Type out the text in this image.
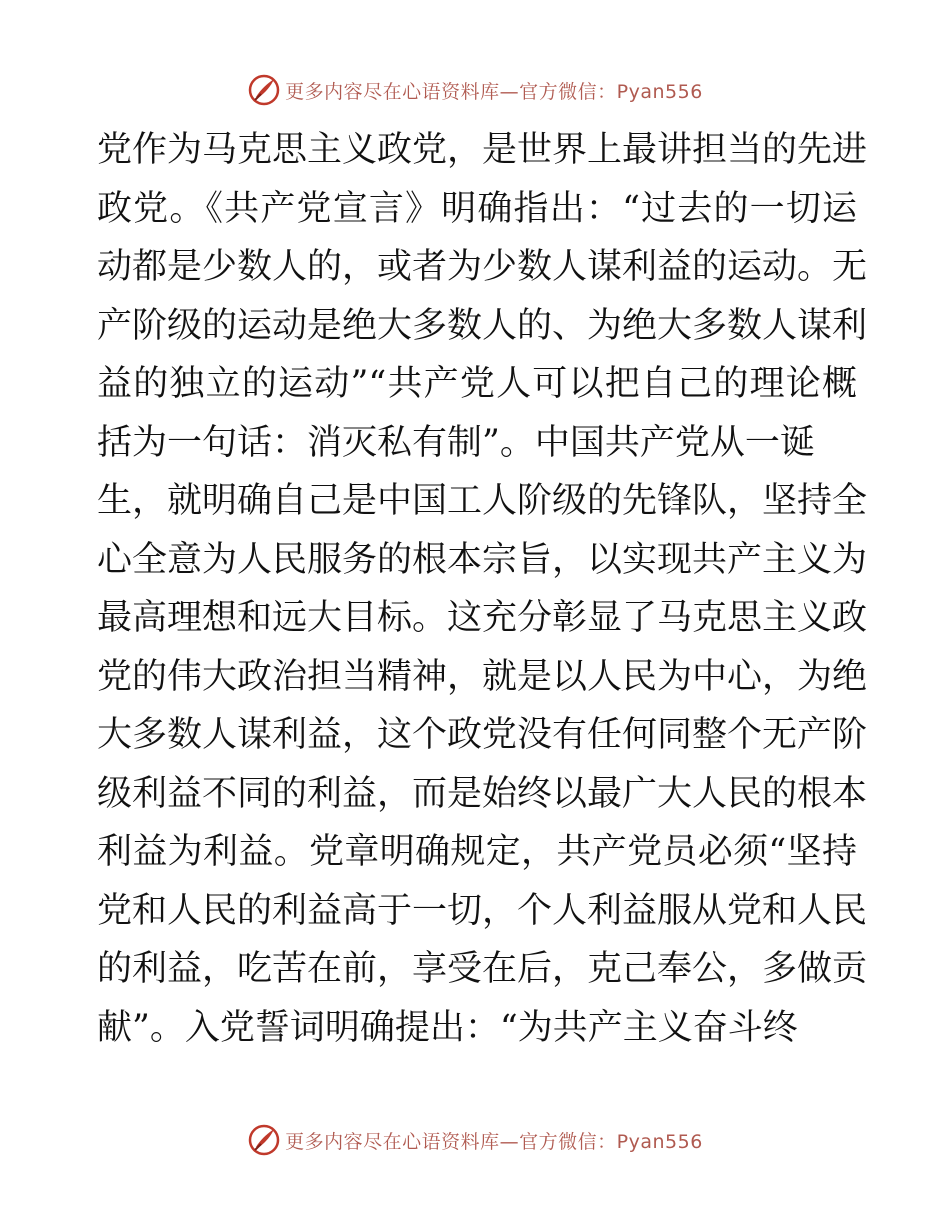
更多内容尽在心语资料库—官方微信：Pyan556
党作为马克思主义政党，是世界上最讲担当的先进
政党。《共产党宣言》明确指出：“过去的一切运
动都是少数人的，或者为少数人谋利益的运动。无
产阶级的运动是绝大多数人的、为绝大多数人谋利
益的独立的运动”“共产党人可以把自己的理论概
括为一句话：消灭私有制”。中国共产党从一诞
生，就明确自己是中国工人阶级的先锋队，坚持全
心全意为人民服务的根本宗旨，以实现共产主义为
最高理想和远大目标。这充分彰显了马克思主义政
党的伟大政治担当精神，就是以人民为中心，为绝
大多数人谋利益，这个政党没有任何同整个无产阶
级利益不同的利益，而是始终以最广大人民的根本
利益为利益。党章明确规定，共产党员必须“坚持
党和人民的利益高于一切，个人利益服从党和人民
的利益，吃苦在前，享受在后，克己奉公，多做贡
献”。入党誓词明确提出：“为共产主义奋斗终
更多内容尽在心语资料库—官方微信：Pyan556
